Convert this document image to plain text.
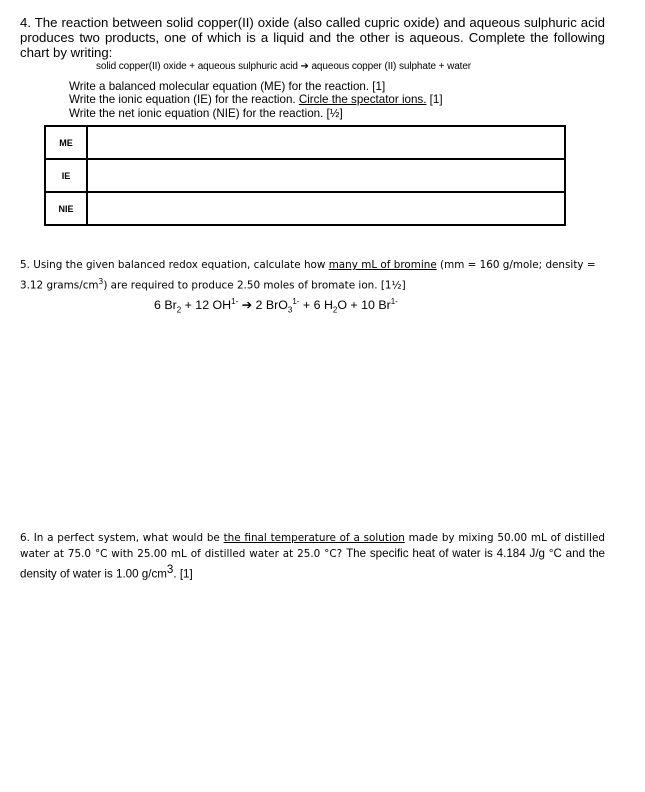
4. The reaction between solid copper(II) oxide (also called cupric oxide) and aqueous sulphuric acid produces two products, one of which is a liquid and the other is aqueous. Complete the following chart by writing:
solid copper(II) oxide + aqueous sulphuric acid ➔ aqueous copper (II) sulphate + water
Write a balanced molecular equation (ME) for the reaction. [1]
Write the ionic equation (IE) for the reaction. Circle the spectator ions. [1]
Write the net ionic equation (NIE) for the reaction. [½]
ME	
IE	
NIE	
5. Using the given balanced redox equation, calculate how many mL of bromine (mm = 160 g/mole; density = 3.12 grams/$cm^3$) are required to produce 2.50 moles of bromate ion. [1½]
6 $Br_2 + 12$ $OH^{1-}$ ➔ 2 BrO$_3^{1-}$ + 6 $H_2O + 10$ $Br^{1-}$
6. In a perfect system, what would be the final temperature of a solution made by mixing 50.00 mL of distilled water at 75.0 °C with 25.00 mL of distilled water at 25.0 °C? The specific heat of water is 4.184 J/g °C and the density of water is 1.00 $g/cm^3$. [1]
